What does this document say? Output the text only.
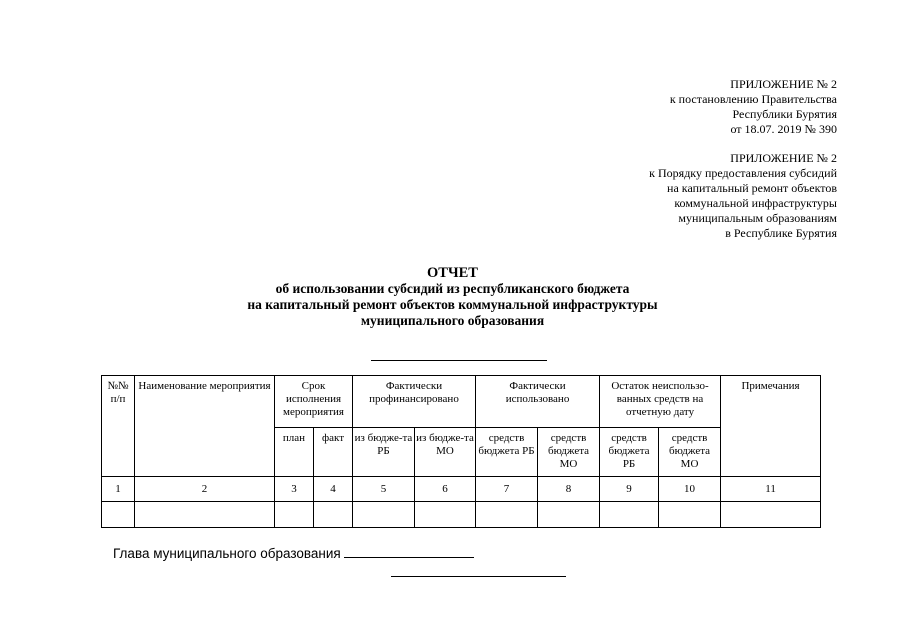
ПРИЛОЖЕНИЕ № 2
к постановлению Правительства
Республики Бурятия
от 18.07. 2019 № 390
ПРИЛОЖЕНИЕ № 2
к Порядку предоставления субсидий
на капитальный ремонт объектов
коммунальной инфраструктуры
муниципальным образованиям
в Республике Бурятия
ОТЧЕТ
об использовании субсидий из республиканского бюджета
на капитальный ремонт объектов коммунальной инфраструктуры
муниципального образования
№№ п/п	Наименование мероприятия	Срок исполнения мероприятия		Фактически профинансировано		Фактически использовано		Остаток неиспользо-ванных средств на отчетную дату		Примечания
		план	факт	из бюдже-та РБ	из бюдже-та МО	средств бюджета РБ	средств бюджета МО	средств бюджета РБ	средств бюджета МО	
1	2	3	4	5	6	7	8	9	10	11

Глава муниципального образования
